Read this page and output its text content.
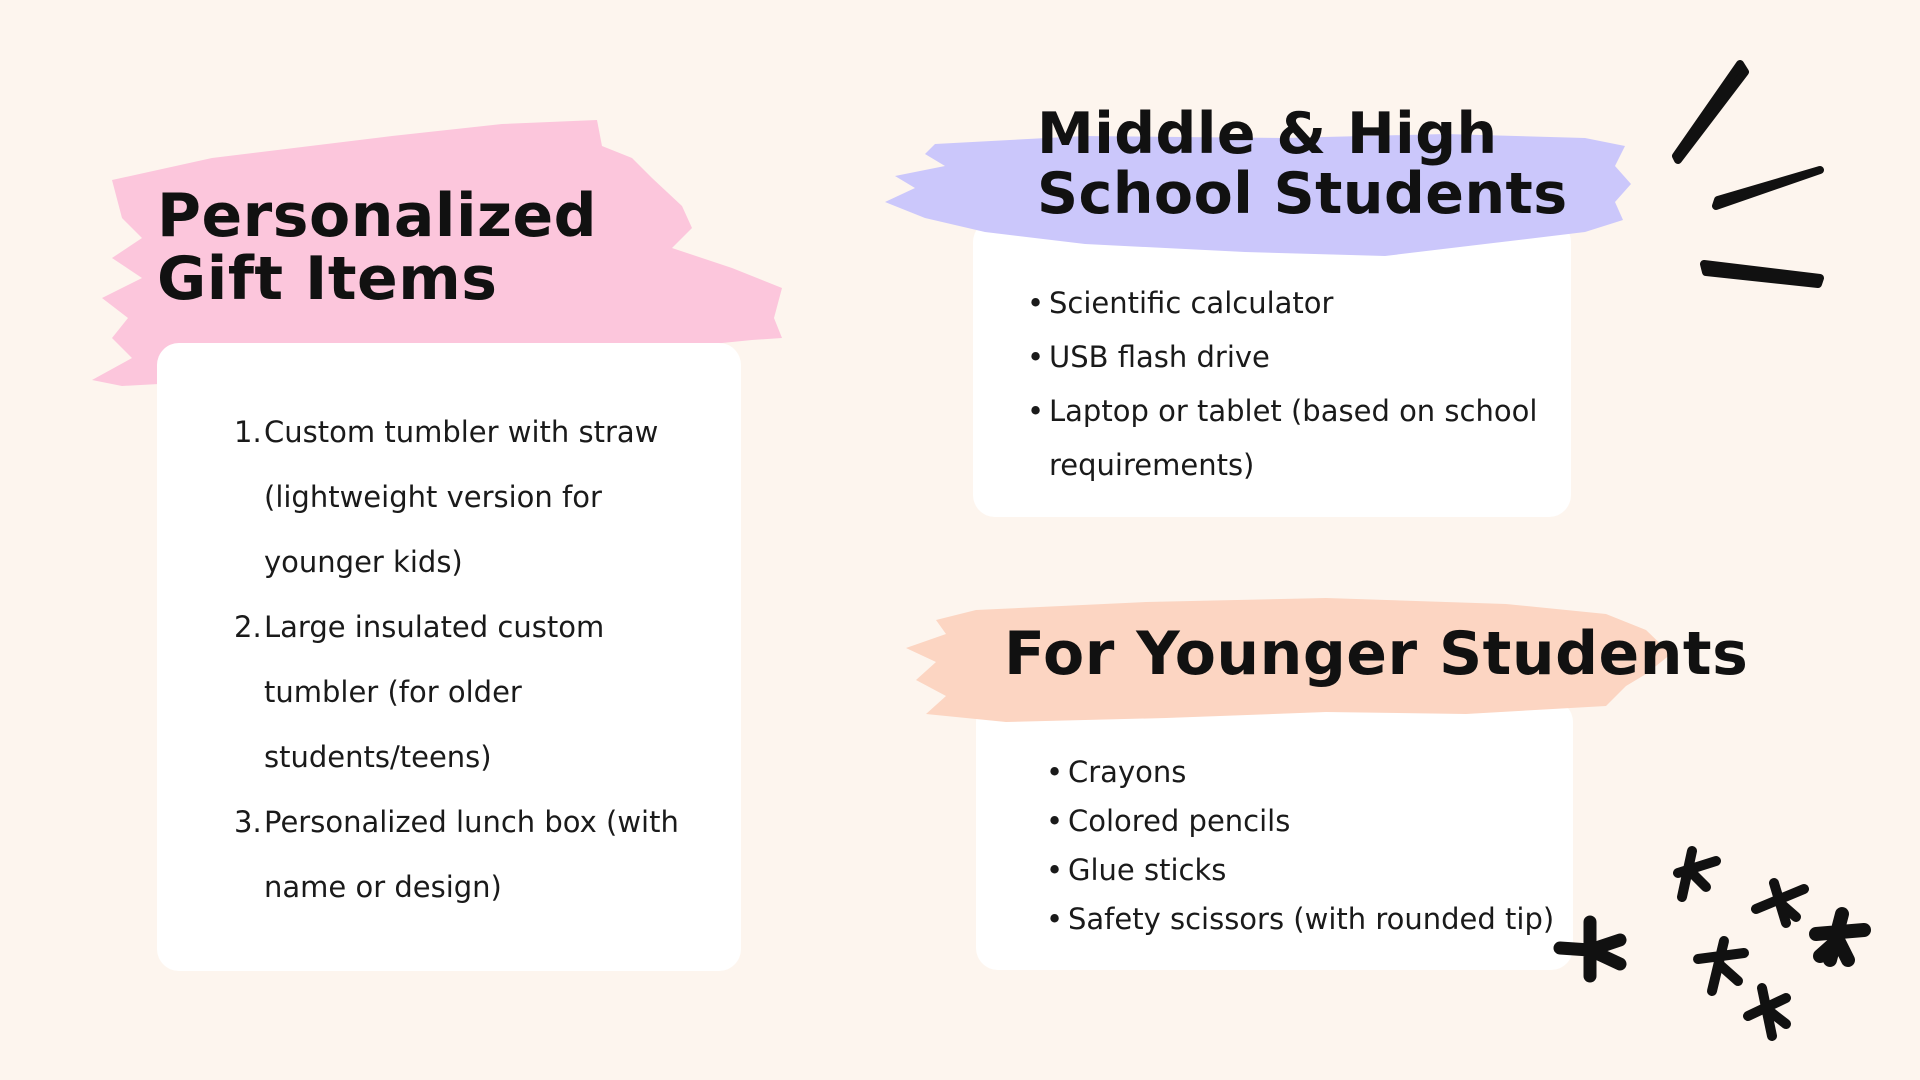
Personalized
Gift Items
1. Custom tumbler with straw
(lightweight version for
younger kids)
2. Large insulated custom
tumbler (for older
students/teens)
3. Personalized lunch box (with
name or design)
Middle & High
School Students
• Scientific calculator
• USB flash drive
• Laptop or tablet (based on school
requirements)
For Younger Students
• Crayons
• Colored pencils
• Glue sticks
• Safety scissors (with rounded tip)
